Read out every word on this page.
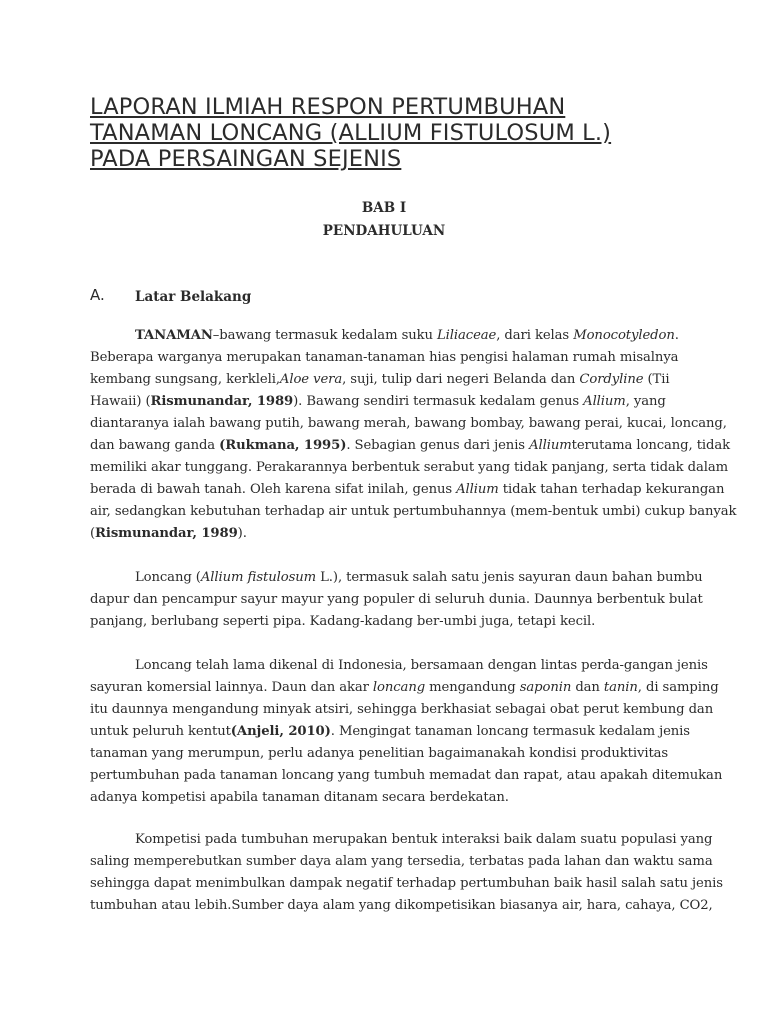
LAPORAN ILMIAH RESPON PERTUMBUHAN
TANAMAN LONCANG (ALLIUM FISTULOSUM L.)
PADA PERSAINGAN SEJENIS
BAB I
PENDAHULUAN
A. Latar Belakang
TANAMAN–bawang termasuk kedalam suku Liliaceae, dari kelas Monocotyledon.
Beberapa warganya merupakan tanaman-tanaman hias pengisi halaman rumah misalnya
kembang sungsang, kerkleli,Aloe vera, suji, tulip dari negeri Belanda dan Cordyline (Tii
Hawaii) (Rismunandar, 1989). Bawang sendiri termasuk kedalam genus Allium, yang
diantaranya ialah bawang putih, bawang merah, bawang bombay, bawang perai, kucai, loncang,
dan bawang ganda (Rukmana, 1995). Sebagian genus dari jenis Alliumterutama loncang, tidak
memiliki akar tunggang. Perakarannya berbentuk serabut yang tidak panjang, serta tidak dalam
berada di bawah tanah. Oleh karena sifat inilah, genus Allium tidak tahan terhadap kekurangan
air, sedangkan kebutuhan terhadap air untuk pertumbuhannya (mem-bentuk umbi) cukup banyak
(Rismunandar, 1989).
Loncang (Allium fistulosum L.), termasuk salah satu jenis sayuran daun bahan bumbu
dapur dan pencampur sayur mayur yang populer di seluruh dunia. Daunnya berbentuk bulat
panjang, berlubang seperti pipa. Kadang-kadang ber-umbi juga, tetapi kecil.
Loncang telah lama dikenal di Indonesia, bersamaan dengan lintas perda-gangan jenis
sayuran komersial lainnya. Daun dan akar loncang mengandung saponin dan tanin, di samping
itu daunnya mengandung minyak atsiri, sehingga berkhasiat sebagai obat perut kembung dan
untuk peluruh kentut(Anjeli, 2010). Mengingat tanaman loncang termasuk kedalam jenis
tanaman yang merumpun, perlu adanya penelitian bagaimanakah kondisi produktivitas
pertumbuhan pada tanaman loncang yang tumbuh memadat dan rapat, atau apakah ditemukan
adanya kompetisi apabila tanaman ditanam secara berdekatan.
Kompetisi pada tumbuhan merupakan bentuk interaksi baik dalam suatu populasi yang
saling memperebutkan sumber daya alam yang tersedia, terbatas pada lahan dan waktu sama
sehingga dapat menimbulkan dampak negatif terhadap pertumbuhan baik hasil salah satu jenis
tumbuhan atau lebih.Sumber daya alam yang dikompetisikan biasanya air, hara, cahaya, CO2,
